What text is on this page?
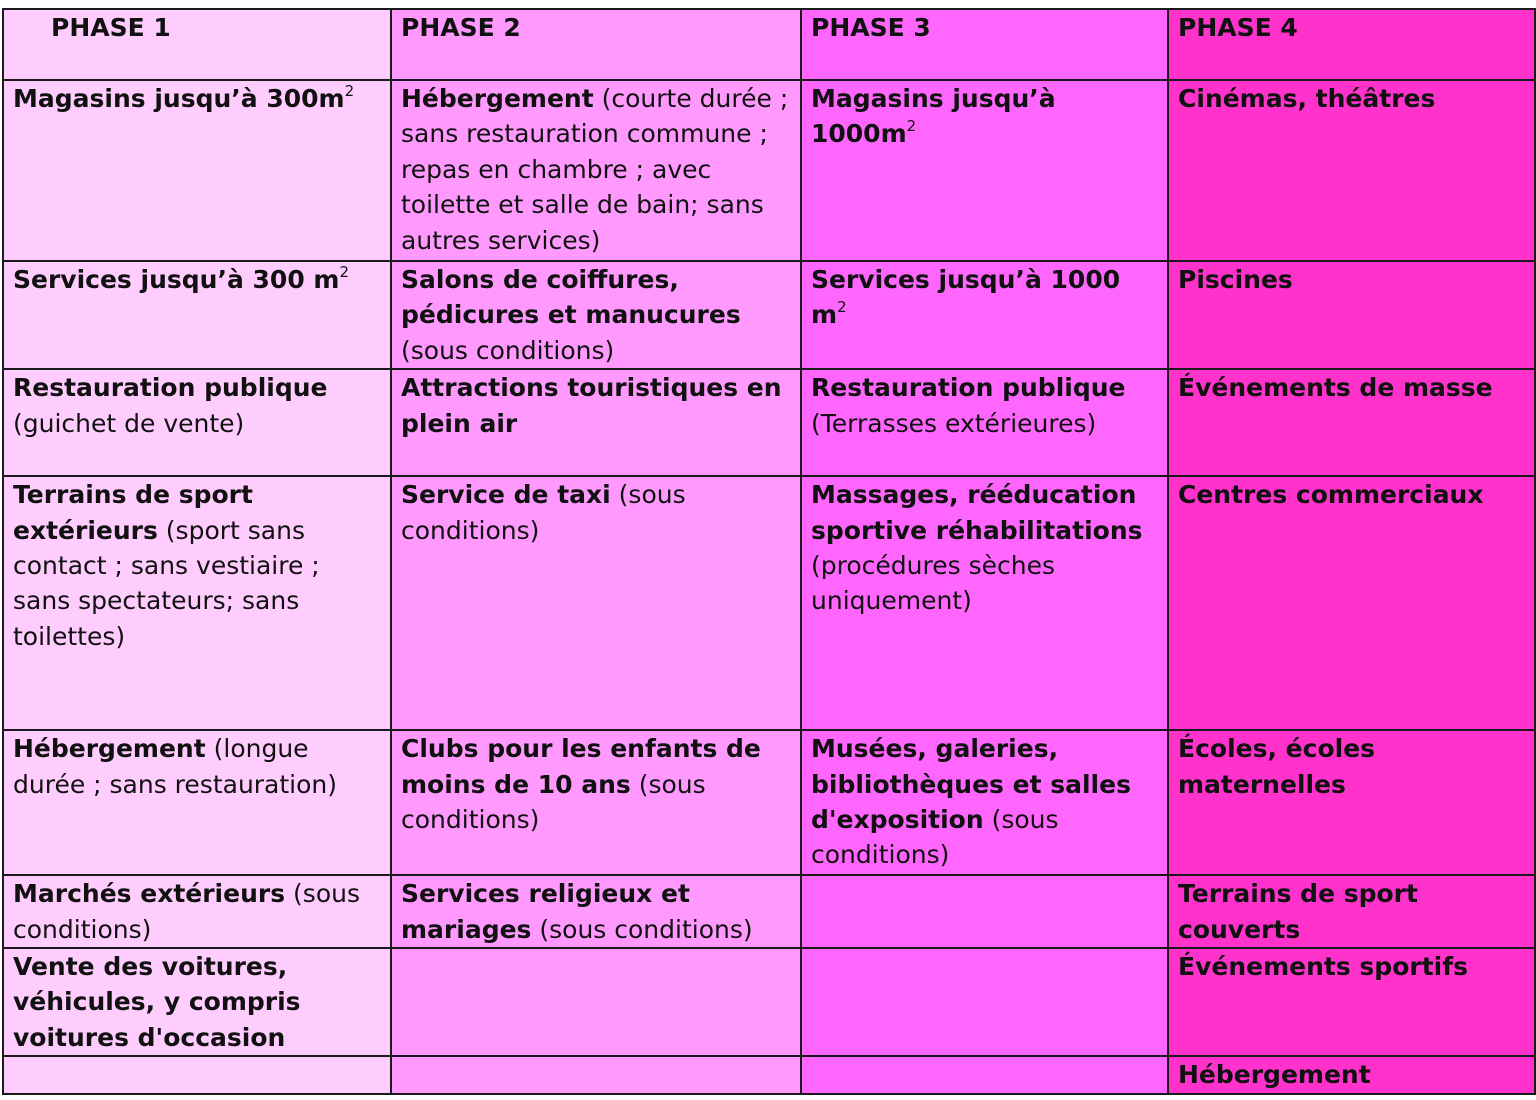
PHASE 1	PHASE 2	PHASE 3	PHASE 4
Magasins jusqu’à $300m^2$	Hébergement (courte durée ; sans restauration commune ; repas en chambre ; avec toilette et salle de bain; sans autres services)	Magasins jusqu’à $1000m^2$	Cinémas, théâtres
Services jusqu’à 300 $m^2$	Salons de coiffures, pédicures et manucures (sous conditions)	Services jusqu’à 1000 $m^2$	Piscines
Restauration publique (guichet de vente)	Attractions touristiques en plein air	Restauration publique (Terrasses extérieures)	Événements de masse
Terrains de sport extérieurs (sport sans contact ; sans vestiaire ; sans spectateurs; sans toilettes)	Service de taxi (sous conditions)	Massages, rééducation sportive réhabilitations (procédures sèches uniquement)	Centres commerciaux
Hébergement (longue durée ; sans restauration)	Clubs pour les enfants de moins de 10 ans (sous conditions)	Musées, galeries, bibliothèques et salles d'exposition (sous conditions)	Écoles, écoles maternelles
Marchés extérieurs (sous conditions)	Services religieux et mariages (sous conditions)		Terrains de sport couverts
Vente des voitures, véhicules, y compris voitures d'occasion			Événements sportifs
			Hébergement
